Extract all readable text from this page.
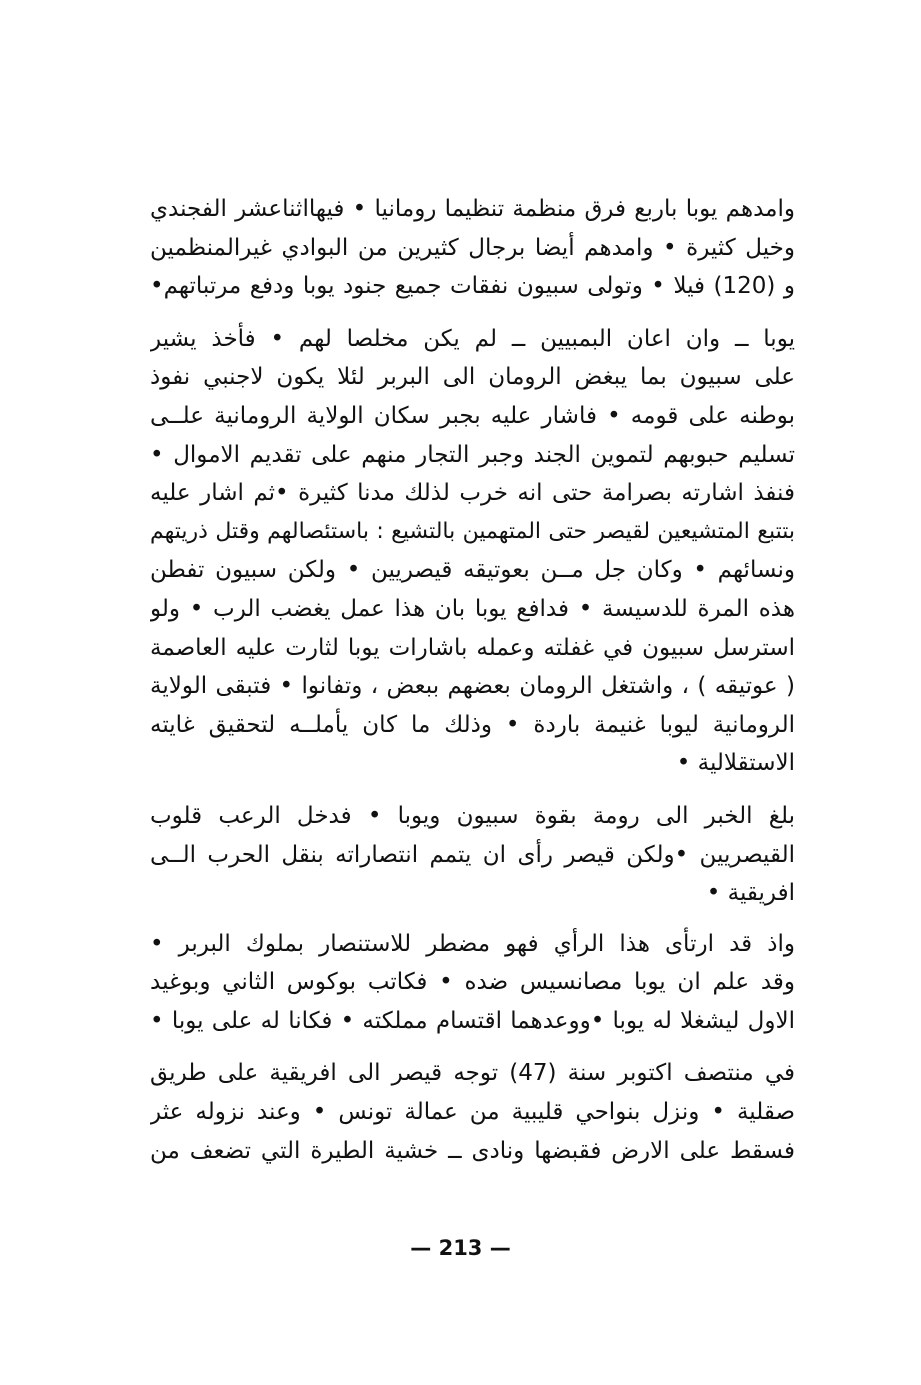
وامدهم يوبا باربع فرق منظمة تنظيما رومانيا • فيهااثناعشر الفجندي
وخيل كثيرة • وامدهم أيضا برجال كثيرين من البوادي غيرالمنظمين
و (120) فيلا • وتولى سبيون نفقات جميع جنود يوبا ودفع مرتباتهم•
يوبا ــ وان اعان البمبيين ــ لم يكن مخلصا لهم • فأخذ يشير
على سبيون بما يبغض الرومان الى البربر لئلا يكون لاجنبي نفوذ
بوطنه على قومه • فاشار عليه بجبر سكان الولاية الرومانية علــى
تسليم حبوبهم لتموين الجند وجبر التجار منهم على تقديم الاموال •
فنفذ اشارته بصرامة حتى انه خرب لذلك مدنا كثيرة •ثم اشار عليه
بتتبع المتشيعين لقيصر حتى المتهمين بالتشيع : باستئصالهم وقتل ذريتهم
ونسائهم • وكان جل مــن بعوتيقه قيصريين • ولكن سبيون تفطن
هذه المرة للدسيسة • فدافع يوبا بان هذا عمل يغضب الرب • ولو
استرسل سبيون في غفلته وعمله باشارات يوبا لثارت عليه العاصمة
( عوتيقه ) ، واشتغل الرومان بعضهم ببعض ، وتفانوا • فتبقى الولاية
الرومانية ليوبا غنيمة باردة • وذلك ما كان يأملــه لتحقيق غايته
الاستقلالية •
بلغ الخبر الى رومة بقوة سبيون ويوبا • فدخل الرعب قلوب
القيصريين •ولكن قيصر رأى ان يتمم انتصاراته بنقل الحرب الــى
افريقية •
واذ قد ارتأى هذا الرأي فهو مضطر للاستنصار بملوك البربر •
وقد علم ان يوبا مصانسيس ضده • فكاتب بوكوس الثاني وبوغيد
الاول ليشغلا له يوبا •ووعدهما اقتسام مملكته • فكانا له على يوبا •
في منتصف اكتوبر سنة (47) توجه قيصر الى افريقية على طريق
صقلية • ونزل بنواحي قليبية من عمالة تونس • وعند نزوله عثر
فسقط على الارض فقبضها ونادى ــ خشية الطيرة التي تضعف من
— 213 —
